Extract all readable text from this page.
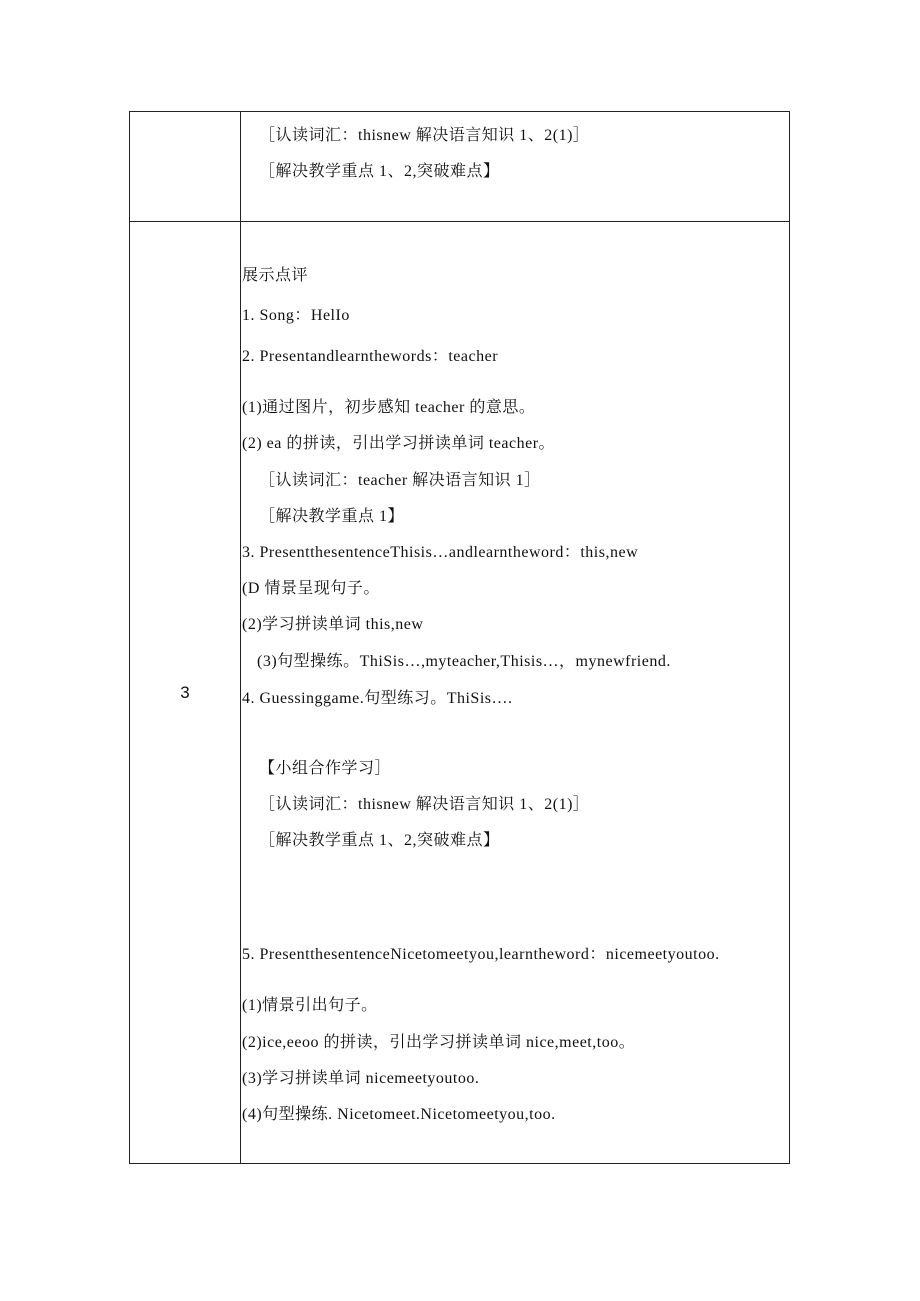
［认读词汇：thisnew 解决语言知识 1、2(1)］
［解决教学重点 1、2,突破难点】
3
展示点评
1. Song：HelIo
2. Presentandlearnthewords：teacher
(1)通过图片，初步感知 teacher 的意思。
(2) ea 的拼读，引出学习拼读单词 teacher。
［认读词汇：teacher 解决语言知识 1］
［解决教学重点 1】
3. PresentthesentenceThisis…andlearntheword：this,new
(D 情景呈现句子。
(2)学习拼读单词 this,new
(3)句型操练。ThiSis…,myteacher,Thisis…，mynewfriend.
4. Guessinggame.句型练习。ThiSis….
【小组合作学习］
［认读词汇：thisnew 解决语言知识 1、2(1)］
［解决教学重点 1、2,突破难点】
5. PresentthesentenceNicetomeetyou,learntheword：nicemeetyoutoo.
(1)情景引出句子。
(2)ice,eeoo 的拼读，引出学习拼读单词 nice,meet,too。
(3)学习拼读单词 nicemeetyoutoo.
(4)句型操练. Nicetomeet.Nicetomeetyou,too.
